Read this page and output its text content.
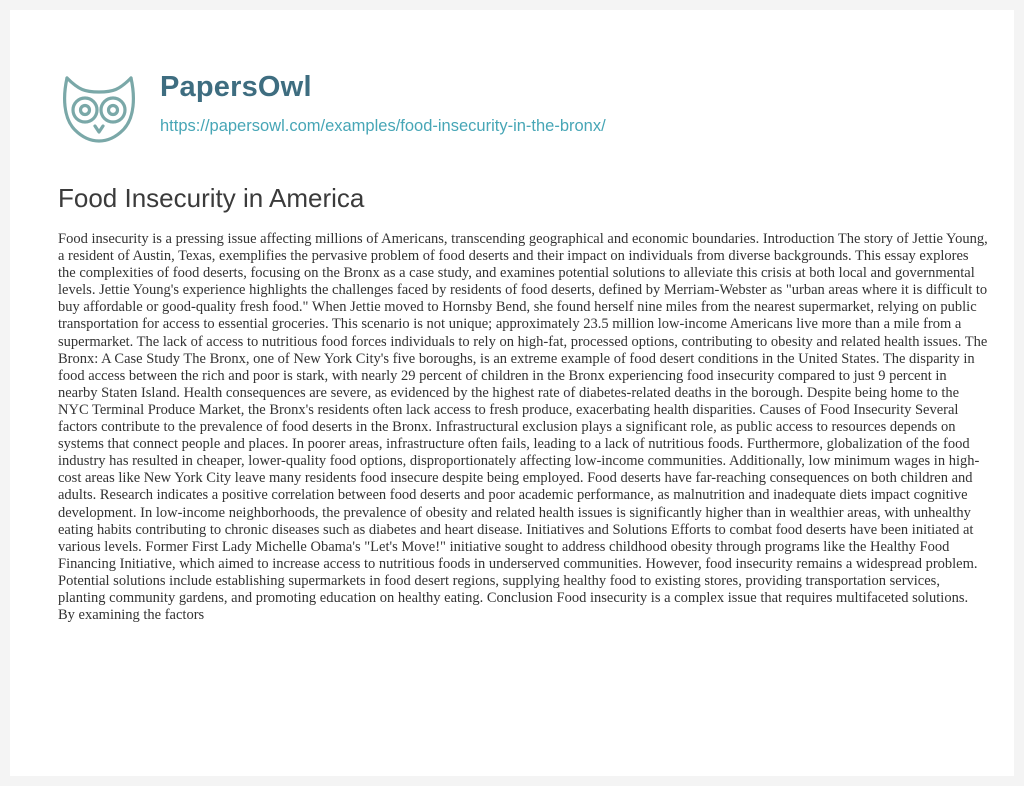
PapersOwl
https://papersowl.com/examples/food-insecurity-in-the-bronx/
Food Insecurity in America

Food insecurity is a pressing issue affecting millions of Americans, transcending geographical and economic boundaries. Introduction The story of Jettie Young, a resident of Austin, Texas, exemplifies the pervasive problem of food deserts and their impact on individuals from diverse backgrounds. This essay explores the complexities of food deserts, focusing on the Bronx as a case study, and examines potential solutions to alleviate this crisis at both local and governmental levels. Jettie Young's experience highlights the challenges faced by residents of food deserts, defined by Merriam-Webster as "urban areas where it is difficult to buy affordable or good-quality fresh food." When Jettie moved to Hornsby Bend, she found herself nine miles from the nearest supermarket, relying on public transportation for access to essential groceries. This scenario is not unique; approximately 23.5 million low-income Americans live more than a mile from a supermarket. The lack of access to nutritious food forces individuals to rely on high-fat, processed options, contributing to obesity and related health issues. The Bronx: A Case Study The Bronx, one of New York City's five boroughs, is an extreme example of food desert conditions in the United States. The disparity in food access between the rich and poor is stark, with nearly 29 percent of children in the Bronx experiencing food insecurity compared to just 9 percent in nearby Staten Island. Health consequences are severe, as evidenced by the highest rate of diabetes-related deaths in the borough. Despite being home to the NYC Terminal Produce Market, the Bronx's residents often lack access to fresh produce, exacerbating health disparities. Causes of Food Insecurity Several factors contribute to the prevalence of food deserts in the Bronx. Infrastructural exclusion plays a significant role, as public access to resources depends on systems that connect people and places. In poorer areas, infrastructure often fails, leading to a lack of nutritious foods. Furthermore, globalization of the food industry has resulted in cheaper, lower-quality food options, disproportionately affecting low-income communities. Additionally, low minimum wages in high-cost areas like New York City leave many residents food insecure despite being employed. Food deserts have far-reaching consequences on both children and adults. Research indicates a positive correlation between food deserts and poor academic performance, as malnutrition and inadequate diets impact cognitive development. In low-income neighborhoods, the prevalence of obesity and related health issues is significantly higher than in wealthier areas, with unhealthy eating habits contributing to chronic diseases such as diabetes and heart disease. Initiatives and Solutions Efforts to combat food deserts have been initiated at various levels. Former First Lady Michelle Obama's "Let's Move!" initiative sought to address childhood obesity through programs like the Healthy Food Financing Initiative, which aimed to increase access to nutritious foods in underserved communities. However, food insecurity remains a widespread problem. Potential solutions include establishing supermarkets in food desert regions, supplying healthy food to existing stores, providing transportation services, planting community gardens, and promoting education on healthy eating. Conclusion Food insecurity is a complex issue that requires multifaceted solutions. By examining the factors
